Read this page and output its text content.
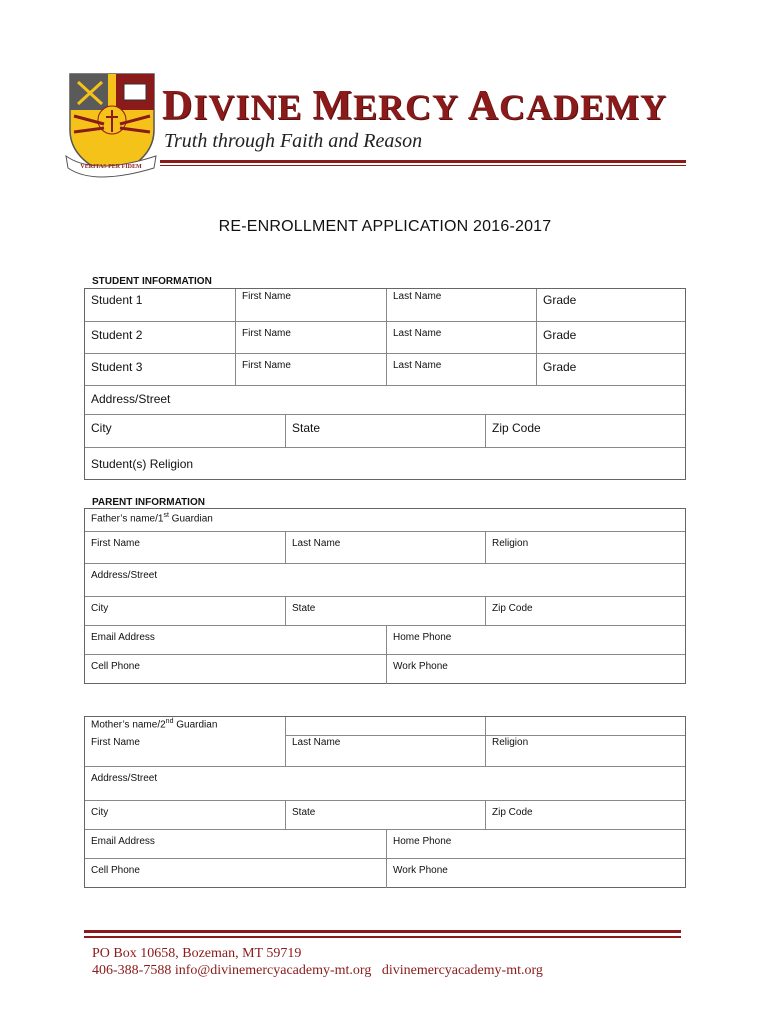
VERITAS PER FIDEM
DIVINE MERCY ACADEMY
Truth through Faith and Reason
RE-ENROLLMENT APPLICATION 2016-2017
STUDENT INFORMATION
Student 1	First Name	Last Name	Grade
Student 2	First Name	Last Name	Grade
Student 3	First Name	Last Name	Grade
Address/Street
City	State	Zip Code
Student(s) Religion
PARENT INFORMATION
Father’s name/1st Guardian
First Name	Last Name	Religion
Address/Street
City	State	Zip Code
Email Address	Home Phone
Cell Phone	Work Phone
Mother’s name/2nd Guardian
First Name	Last Name	Religion
Address/Street
City	State	Zip Code
Email Address	Home Phone
Cell Phone	Work Phone
PO Box 10658, Bozeman, MT 59719
406-388-7588 info@divinemercyacademy-mt.org   divinemercyacademy-mt.org
